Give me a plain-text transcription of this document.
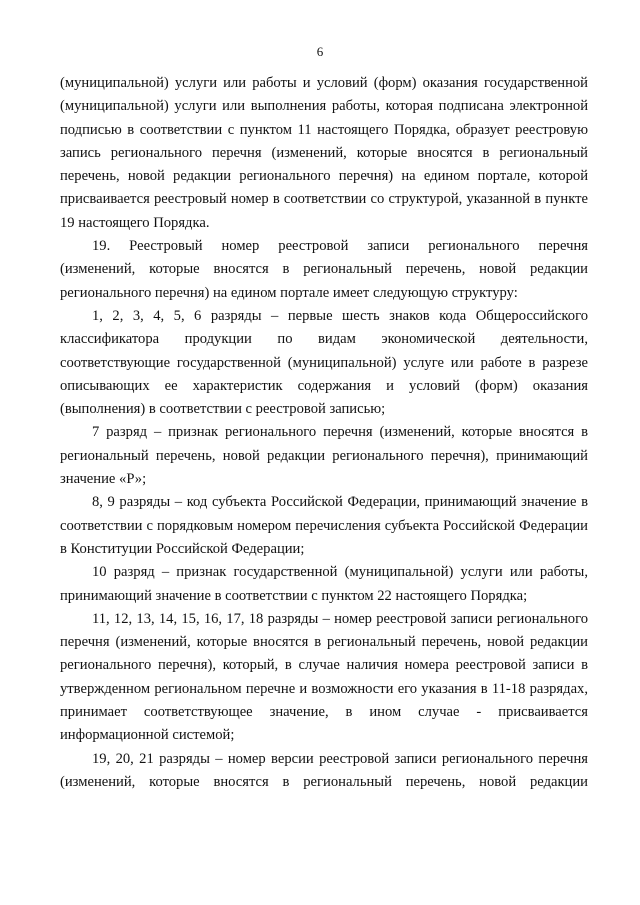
6

(муниципальной) услуги или работы и условий (форм) оказания государственной
(муниципальной) услуги или выполнения работы, которая подписана электронной
подписью в соответствии с пунктом 11 настоящего Порядка, образует реестровую
запись регионального перечня (изменений, которые вносятся в региональный
перечень, новой редакции регионального перечня) на едином портале, которой
присваивается реестровый номер в соответствии со структурой, указанной в пункте
19 настоящего Порядка.

19. Реестровый номер реестровой записи регионального перечня
(изменений, которые вносятся в региональный перечень, новой редакции
регионального перечня) на едином портале имеет следующую структуру:

1, 2, 3, 4, 5, 6 разряды – первые шесть знаков кода Общероссийского
классификатора продукции по видам экономической деятельности,
соответствующие государственной (муниципальной) услуге или работе в разрезе
описывающих ее характеристик содержания и условий (форм) оказания
(выполнения) в соответствии с реестровой записью;

7 разряд – признак регионального перечня (изменений, которые вносятся в
региональный перечень, новой редакции регионального перечня), принимающий
значение «Р»;

8, 9 разряды – код субъекта Российской Федерации, принимающий значение в
соответствии с порядковым номером перечисления субъекта Российской Федерации
в Конституции Российской Федерации;

10 разряд – признак государственной (муниципальной) услуги или работы,
принимающий значение в соответствии с пунктом 22 настоящего Порядка;

11, 12, 13, 14, 15, 16, 17, 18 разряды – номер реестровой записи регионального
перечня (изменений, которые вносятся в региональный перечень, новой редакции
регионального перечня), который, в случае наличия номера реестровой записи в
утвержденном региональном перечне и возможности его указания в 11-18 разрядах,
принимает соответствующее значение, в ином случае - присваивается
информационной системой;

19, 20, 21 разряды – номер версии реестровой записи регионального перечня
(изменений, которые вносятся в региональный перечень, новой редакции
